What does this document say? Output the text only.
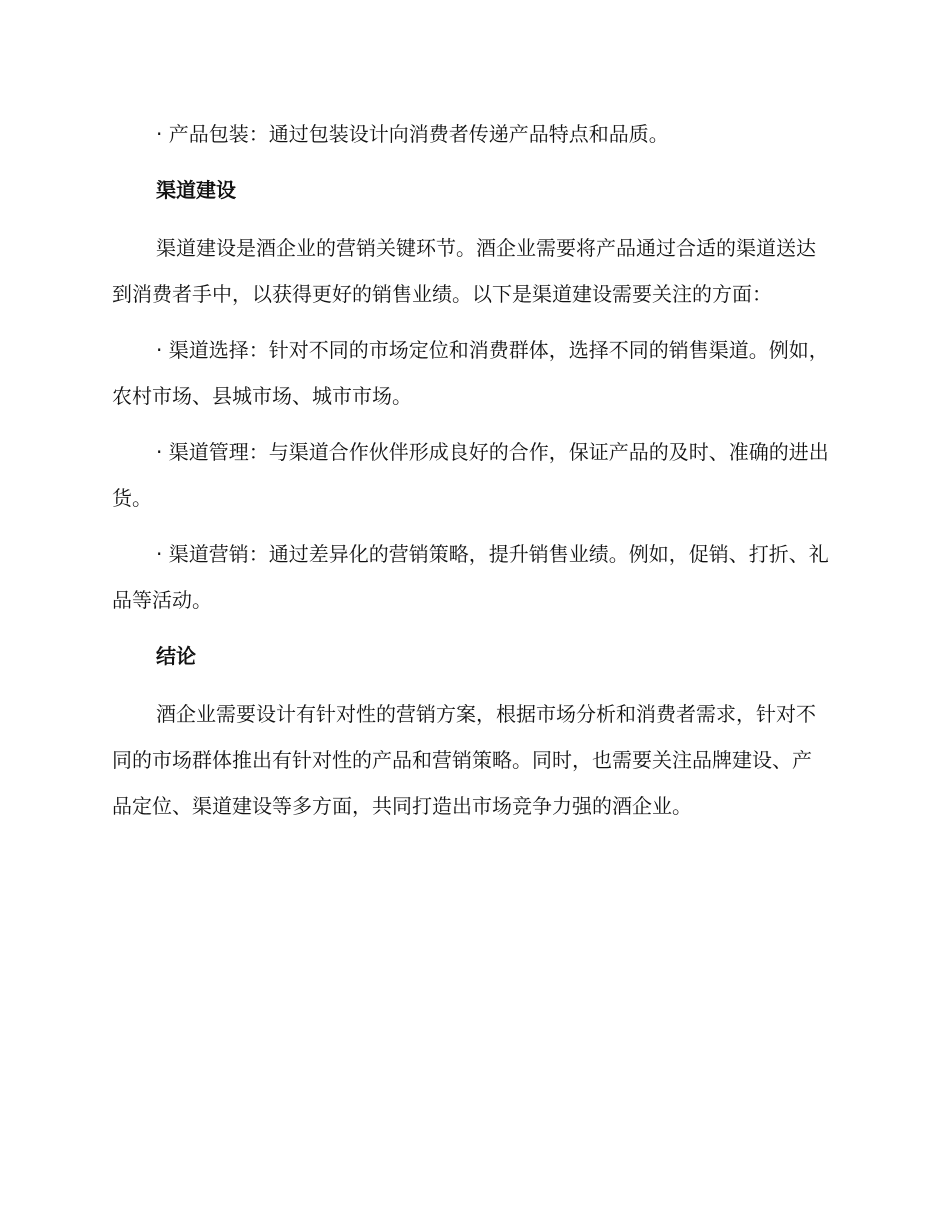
· 产品包装：通过包装设计向消费者传递产品特点和品质。

渠道建设

渠道建设是酒企业的营销关键环节。酒企业需要将产品通过合适的渠道送达到消费者手中，以获得更好的销售业绩。以下是渠道建设需要关注的方面：

· 渠道选择：针对不同的市场定位和消费群体，选择不同的销售渠道。例如，农村市场、县城市场、城市市场。

· 渠道管理：与渠道合作伙伴形成良好的合作，保证产品的及时、准确的进出货。

· 渠道营销：通过差异化的营销策略，提升销售业绩。例如，促销、打折、礼品等活动。

结论

酒企业需要设计有针对性的营销方案，根据市场分析和消费者需求，针对不同的市场群体推出有针对性的产品和营销策略。同时，也需要关注品牌建设、产品定位、渠道建设等多方面，共同打造出市场竞争力强的酒企业。
